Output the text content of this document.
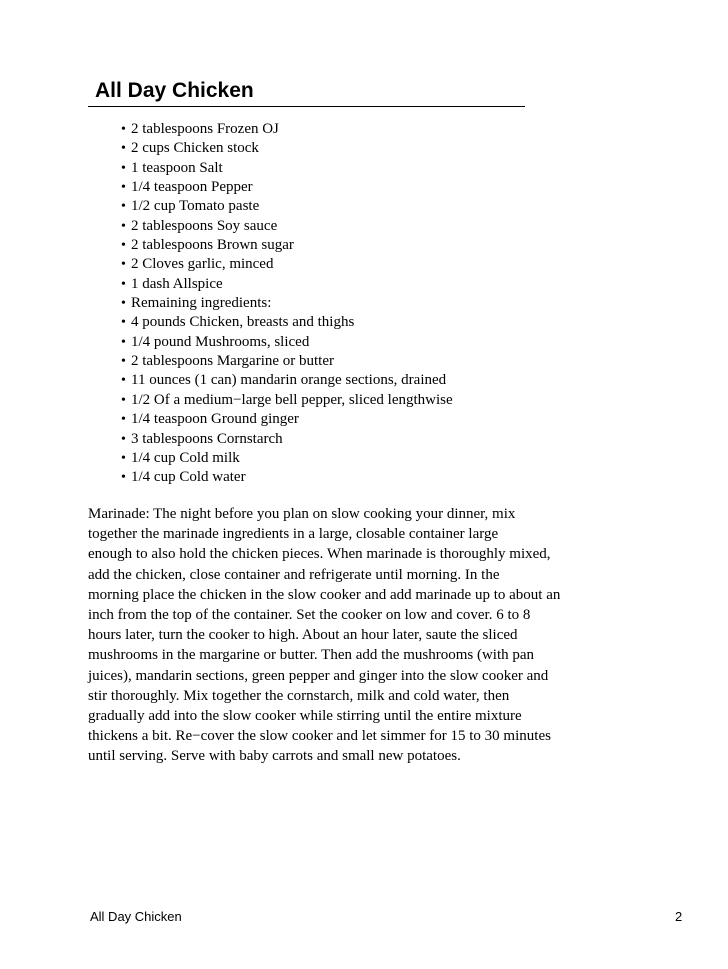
All Day Chicken
• 2 tablespoons Frozen OJ
• 2 cups Chicken stock
• 1 teaspoon Salt
• 1/4 teaspoon Pepper
• 1/2 cup Tomato paste
• 2 tablespoons Soy sauce
• 2 tablespoons Brown sugar
• 2 Cloves garlic, minced
• 1 dash Allspice
• Remaining ingredients:
• 4 pounds Chicken, breasts and thighs
• 1/4 pound Mushrooms, sliced
• 2 tablespoons Margarine or butter
• 11 ounces (1 can) mandarin orange sections, drained
• 1/2 Of a medium−large bell pepper, sliced lengthwise
• 1/4 teaspoon Ground ginger
• 3 tablespoons Cornstarch
• 1/4 cup Cold milk
• 1/4 cup Cold water

Marinade: The night before you plan on slow cooking your dinner, mix
together the marinade ingredients in a large, closable container large
enough to also hold the chicken pieces. When marinade is thoroughly mixed,
add the chicken, close container and refrigerate until morning. In the
morning place the chicken in the slow cooker and add marinade up to about an
inch from the top of the container. Set the cooker on low and cover. 6 to 8
hours later, turn the cooker to high. About an hour later, saute the sliced
mushrooms in the margarine or butter. Then add the mushrooms (with pan
juices), mandarin sections, green pepper and ginger into the slow cooker and
stir thoroughly. Mix together the cornstarch, milk and cold water, then
gradually add into the slow cooker while stirring until the entire mixture
thickens a bit. Re−cover the slow cooker and let simmer for 15 to 30 minutes
until serving. Serve with baby carrots and small new potatoes.

All Day Chicken	2
